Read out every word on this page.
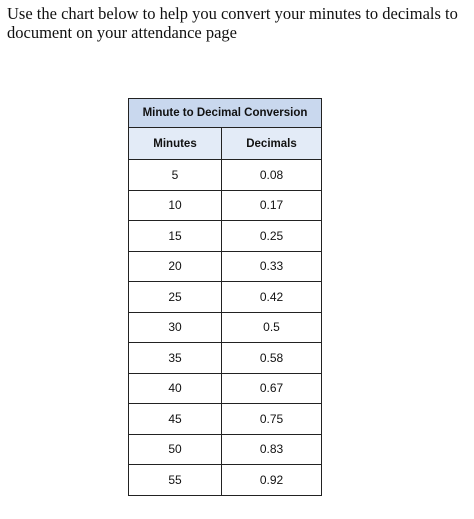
Use the chart below to help you convert your minutes to decimals to
document on your attendance page
Minute to Decimal Conversion	
Minutes	Decimals
5	0.08
10	0.17
15	0.25
20	0.33
25	0.42
30	0.5
35	0.58
40	0.67
45	0.75
50	0.83
55	0.92
